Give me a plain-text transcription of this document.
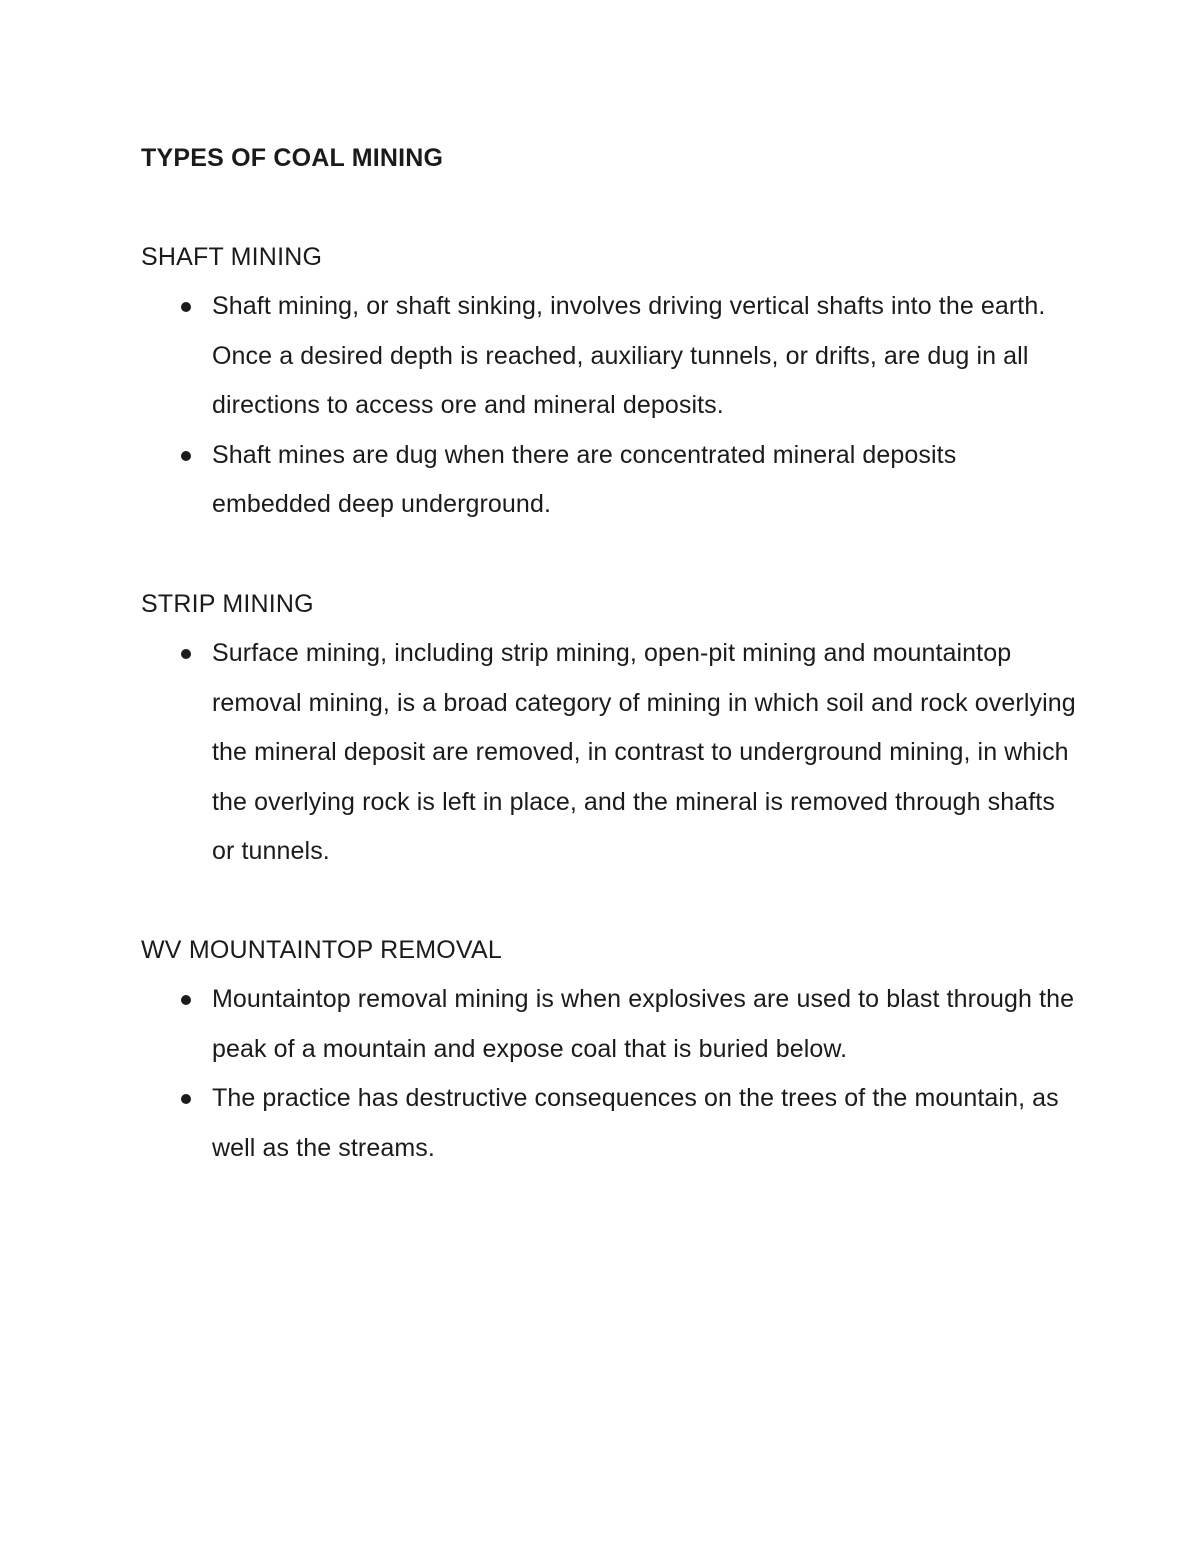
TYPES OF COAL MINING
SHAFT MINING
Shaft mining, or shaft sinking, involves driving vertical shafts into the earth. Once a desired depth is reached, auxiliary tunnels, or drifts, are dug in all directions to access ore and mineral deposits.
Shaft mines are dug when there are concentrated mineral deposits embedded deep underground.
STRIP MINING
Surface mining, including strip mining, open-pit mining and mountaintop removal mining, is a broad category of mining in which soil and rock overlying the mineral deposit are removed, in contrast to underground mining, in which the overlying rock is left in place, and the mineral is removed through shafts or tunnels.
WV MOUNTAINTOP REMOVAL
Mountaintop removal mining is when explosives are used to blast through the peak of a mountain and expose coal that is buried below.
The practice has destructive consequences on the trees of the mountain, as well as the streams.
